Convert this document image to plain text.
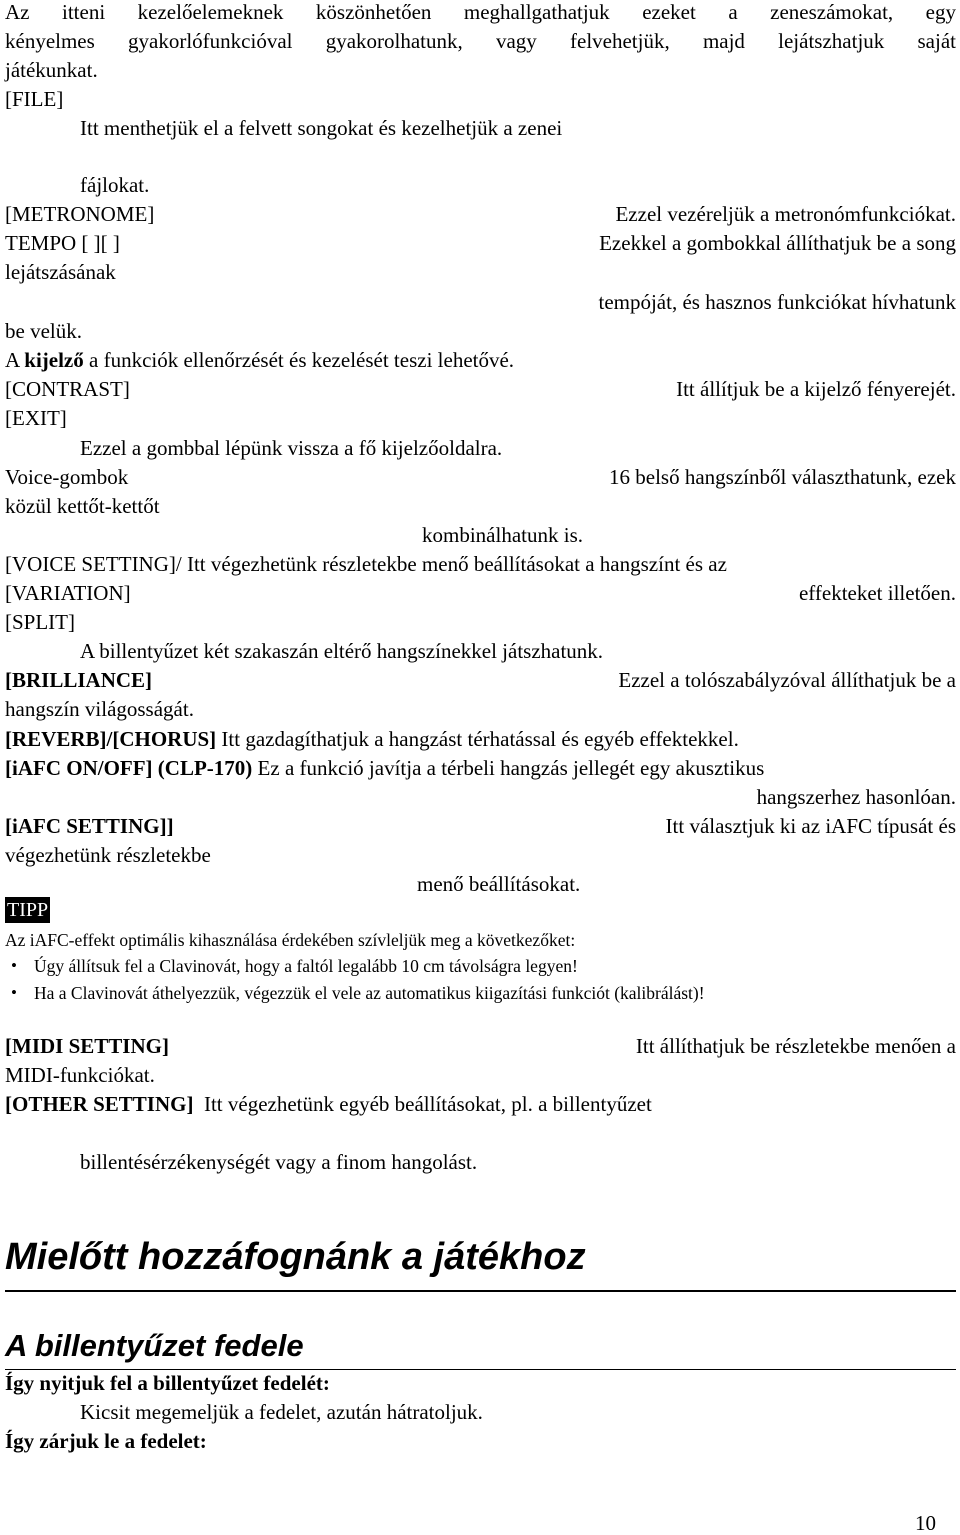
Az itteni kezelőelemeknek köszönhetően meghallgathatjuk ezeket a zeneszámokat, egy
kényelmes gyakorlófunkcióval gyakorolhatunk, vagy felvehetjük, majd lejátszhatjuk saját
játékunkat.
[FILE]
Itt menthetjük el a felvett songokat és kezelhetjük a zenei
fájlokat.
[METRONOME]	Ezzel vezéreljük a metronómfunkciókat.
TEMPO [ ][ ]	Ezekkel a gombokkal állíthatjuk be a song
lejátszásának
tempóját, és hasznos funkciókat hívhatunk
be velük.
A kijelző a funkciók ellenőrzését és kezelését teszi lehetővé.
[CONTRAST]	Itt állítjuk be a kijelző fényerejét.
[EXIT]
Ezzel a gombbal lépünk vissza a fő kijelzőoldalra.
Voice-gombok	16 belső hangszínből választhatunk, ezek
közül kettőt-kettőt
kombinálhatunk is.
[VOICE SETTING]/ Itt végezhetünk részletekbe menő beállításokat a hangszínt és az
[VARIATION]	effekteket illetően.
[SPLIT]
A billentyűzet két szakaszán eltérő hangszínekkel játszhatunk.
[BRILLIANCE]	Ezzel a tolószabályzóval állíthatjuk be a
hangszín világosságát.
[REVERB]/[CHORUS] Itt gazdagíthatjuk a hangzást térhatással és egyéb effektekkel.
[iAFC ON/OFF] (CLP-170) Ez a funkció javítja a térbeli hangzás jellegét egy akusztikus
hangszerhez hasonlóan.
[iAFC SETTING]]	Itt választjuk ki az iAFC típusát és
végezhetünk részletekbe
menő beállításokat.
TIPP
Az iAFC-effekt optimális kihasználása érdekében szívleljük meg a következőket:
• Úgy állítsuk fel a Clavinovát, hogy a faltól legalább 10 cm távolságra legyen!
• Ha a Clavinovát áthelyezzük, végezzük el vele az automatikus kiigazítási funkciót (kalibrálást)!
[MIDI SETTING]	Itt állíthatjuk be részletekbe menően a
MIDI-funkciókat.
[OTHER SETTING] Itt végezhetünk egyéb beállításokat, pl. a billentyűzet
billentésérzékenységét vagy a finom hangolást.
Mielőtt hozzáfognánk a játékhoz
A billentyűzet fedele
Így nyitjuk fel a billentyűzet fedelét:
Kicsit megemeljük a fedelet, azután hátratoljuk.
Így zárjuk le a fedelet:
10
